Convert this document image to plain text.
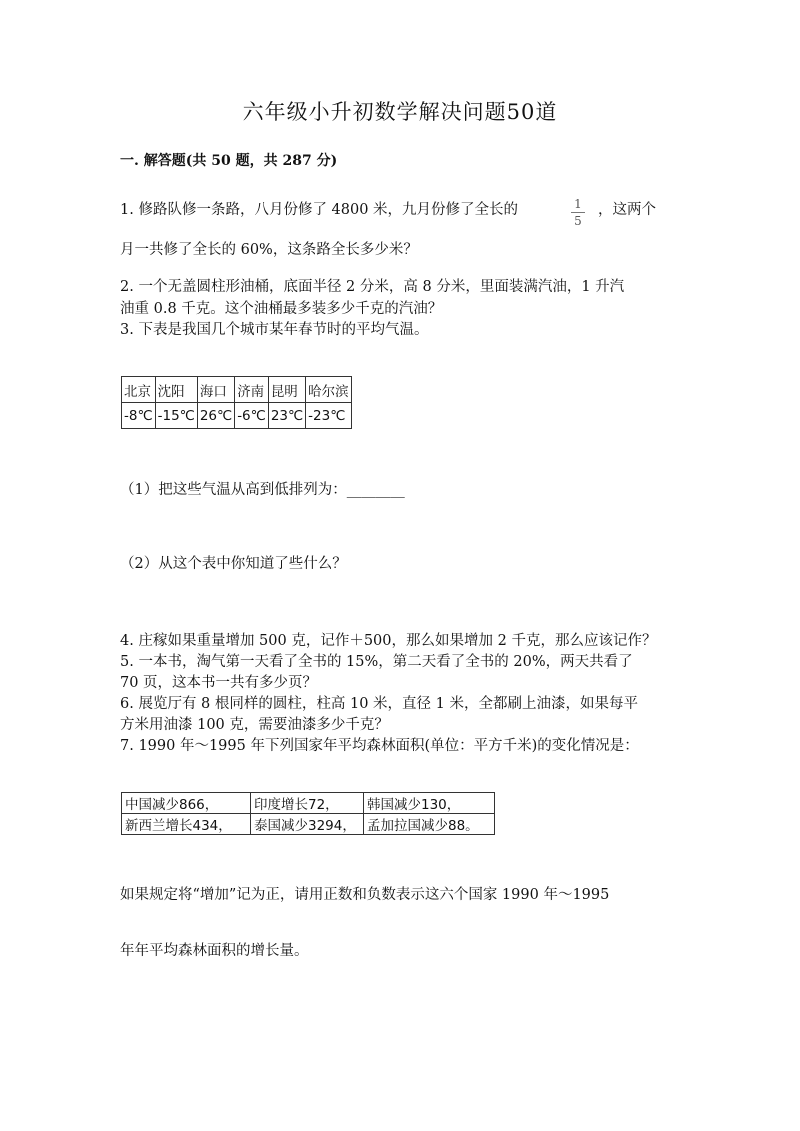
六年级小升初数学解决问题50道
一. 解答题(共 50 题，共 287 分)
1. 修路队修一条路，八月份修了 4800 米，九月份修了全长的	1
5
，这两个
月一共修了全长的 60%，这条路全长多少米？
2. 一个无盖圆柱形油桶，底面半径 2 分米，高 8 分米，里面装满汽油，1 升汽
油重 0.8 千克。这个油桶最多装多少千克的汽油？
3. 下表是我国几个城市某年春节时的平均气温。
北京	沈阳	海口	济南	昆明	哈尔滨
-8℃	-15℃	26℃	-6℃	23℃	-23℃
（1）把这些气温从高到低排列为：________
（2）从这个表中你知道了些什么？
4. 庄稼如果重量增加 500 克，记作＋500，那么如果增加 2 千克，那么应该记作？
5. 一本书，淘气第一天看了全书的 15%，第二天看了全书的 20%，两天共看了
70 页，这本书一共有多少页？
6. 展览厅有 8 根同样的圆柱，柱高 10 米，直径 1 米，全都刷上油漆，如果每平
方米用油漆 100 克，需要油漆多少千克？
7. 1990 年～1995 年下列国家年平均森林面积(单位：平方千米)的变化情况是：
中国减少866，	印度增长72，	韩国减少130，
新西兰增长434，	泰国减少3294，	孟加拉国减少88。
如果规定将“增加”记为正，请用正数和负数表示这六个国家 1990 年～1995
年年平均森林面积的增长量。
